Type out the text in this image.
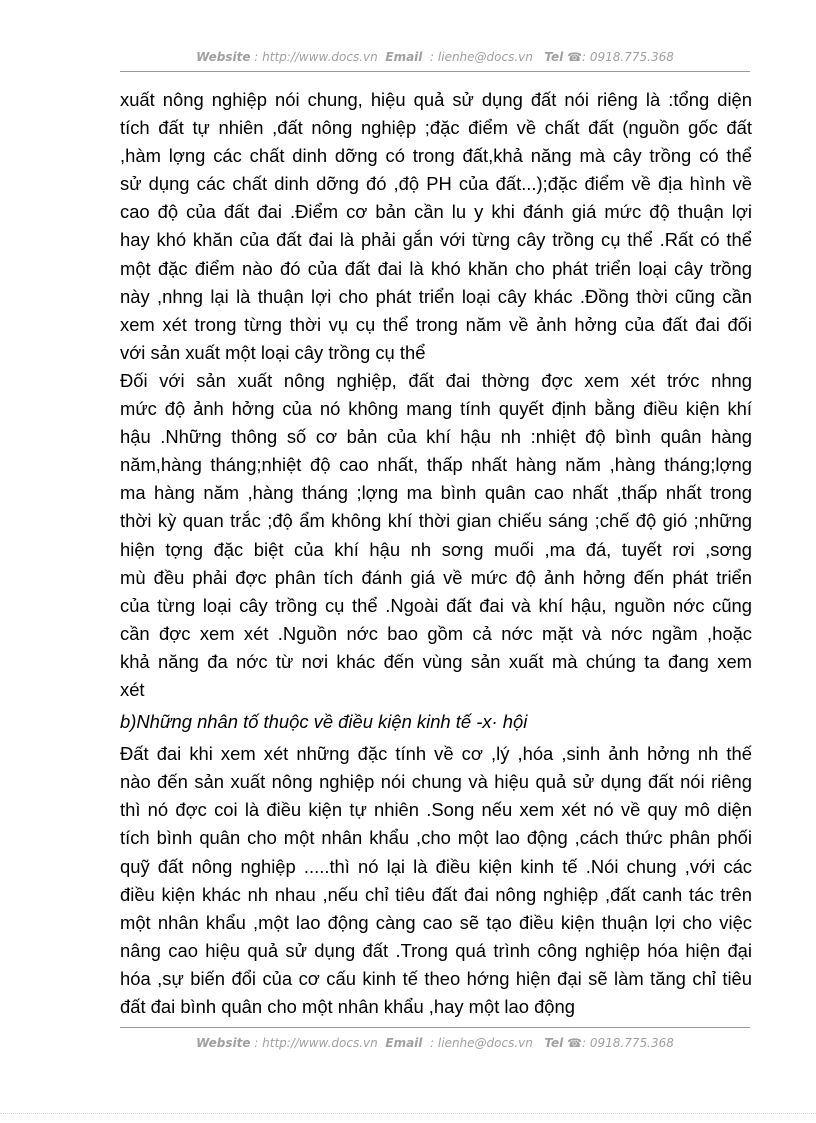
Website : http://www.docs.vn Email : lienhe@docs.vn Tel ☎: 0918.775.368
xuất nông nghiệp nói chung, hiệu quả sử dụng đất nói riêng là :tổng diện
tích đất tự nhiên ,đất nông nghiệp ;đặc điểm về chất đất (nguồn gốc đất
,hàm lợng các chất dinh dỡng có trong đất,khả năng mà cây trồng có thể
sử dụng các chất dinh dỡng đó ,độ PH của đất...);đặc điểm về địa hình về
cao độ của đất đai .Điểm cơ bản cần lu y khi đánh giá mức độ thuận lợi
hay khó khăn của đất đai là phải gắn với từng cây trồng cụ thể .Rất có thể
một đặc điểm nào đó của đất đai là khó khăn cho phát triển loại cây trồng
này ,nhng lại là thuận lợi cho phát triển loại cây khác .Đồng thời cũng cần
xem xét trong từng thời vụ cụ thể trong năm về ảnh hởng của đất đai đối
với sản xuất một loại cây trồng cụ thể
Đối với sản xuất nông nghiệp, đất đai thờng đợc xem xét trớc nhng
mức độ ảnh hởng của nó không mang tính quyết định bằng điều kiện khí
hậu .Những thông số cơ bản của khí hậu nh :nhiệt độ bình quân hàng
năm,hàng tháng;nhiệt độ cao nhất, thấp nhất hàng năm ,hàng tháng;lợng
ma hàng năm ,hàng tháng ;lợng ma bình quân cao nhất ,thấp nhất trong
thời kỳ quan trắc ;độ ẩm không khí thời gian chiếu sáng ;chế độ gió ;những
hiện tợng đặc biệt của khí hậu nh sơng muối ,ma đá, tuyết rơi ,sơng
mù đều phải đợc phân tích đánh giá về mức độ ảnh hởng đến phát triển
của từng loại cây trồng cụ thể .Ngoài đất đai và khí hậu, nguồn nớc cũng
cần đợc xem xét .Nguồn nớc bao gồm cả nớc mặt và nớc ngầm ,hoặc
khả năng đa nớc từ nơi khác đến vùng sản xuất mà chúng ta đang xem
xét
b)Những nhân tố thuộc về điều kiện kinh tế -x· hội
Đất đai khi xem xét những đặc tính về cơ ,lý ,hóa ,sinh ảnh hởng nh thế
nào đến sản xuất nông nghiệp nói chung và hiệu quả sử dụng đất nói riêng
thì nó đợc coi là điều kiện tự nhiên .Song nếu xem xét nó về quy mô diện
tích bình quân cho một nhân khẩu ,cho một lao động ,cách thức phân phối
quỹ đất nông nghiệp .....thì nó lại là điều kiện kinh tế .Nói chung ,với các
điều kiện khác nh nhau ,nếu chỉ tiêu đất đai nông nghiệp ,đất canh tác trên
một nhân khẩu ,một lao động càng cao sẽ tạo điều kiện thuận lợi cho việc
nâng cao hiệu quả sử dụng đất .Trong quá trình công nghiệp hóa hiện đại
hóa ,sự biến đổi của cơ cấu kinh tế theo hớng hiện đại sẽ làm tăng chỉ tiêu
đất đai bình quân cho một nhân khẩu ,hay một lao động
Website : http://www.docs.vn Email : lienhe@docs.vn Tel ☎: 0918.775.368
